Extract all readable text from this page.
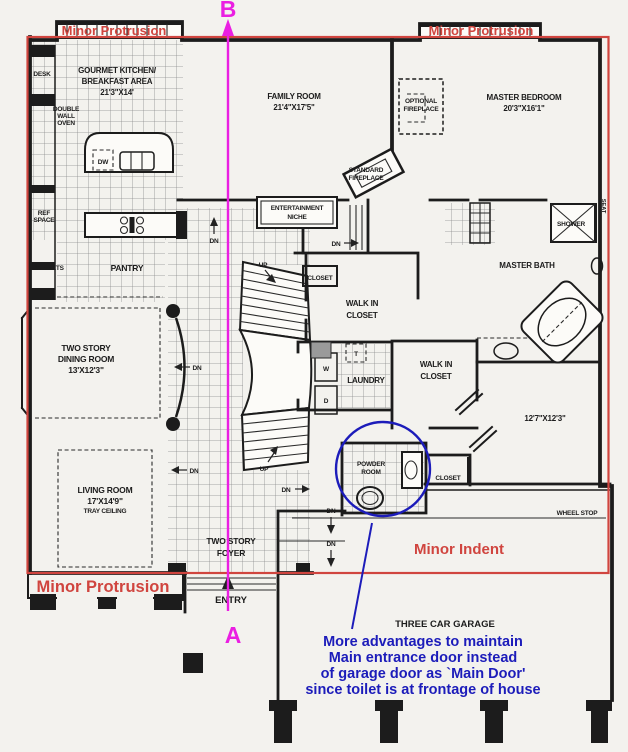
GOURMET KITCHEN/
BREAKFAST AREA
21'3"X14'	FAMILY ROOM
21'4"X17'5"
MASTER BEDROOM
20'3"X16'1"
OPTIONAL
FIREPLACE
STANDARD
FIREPLACE
ENTERTAINMENT
NICHE
DESK
DOUBLE
WALL
OVEN
REF
SPACE
CABINETS	PANTRY
DW
TWO STORY
DINING ROOM
13'X12'3"
LIVING ROOM
17'X14'9"
TRAY CEILING
TWO STORY
FOYER
ENTRY
MASTER BATH
SHOWER
SEAT
WALK IN
CLOSET
WALK IN
CLOSET
LAUNDRY
POWDER
ROOM
CLOSET
CLOSET
12'7"X12'3"
WHEEL STOP
THREE CAR GARAGE
W
D
T
DN
DN
DN
DN
DN
DN
DN
UP
UP
Minor Protrusion	Minor Protrusion
Minor Protrusion
Minor Indent
B
A	More advantages to maintain
Main entrance door instead
of garage door as `Main Door'
since toilet is at frontage of house
